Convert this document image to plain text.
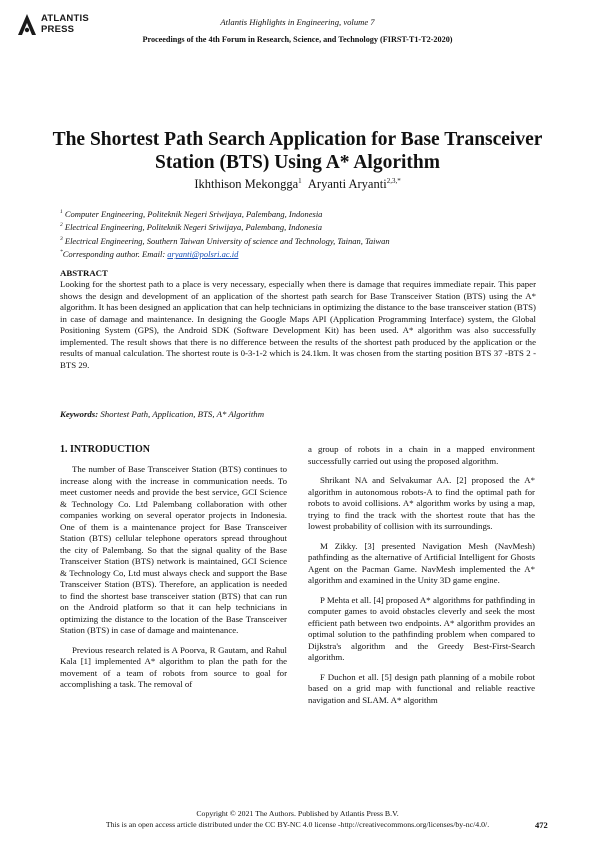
ATLANTIS
PRESS
Atlantis Highlights in Engineering, volume 7
Proceedings of the 4th Forum in Research, Science, and Technology (FIRST-T1-T2-2020)
The Shortest Path Search Application for Base Transceiver Station (BTS) Using A* Algorithm
Ikhthison Mekongga$^1$ Aryanti Aryanti$^{2,3,*}$
$^1$ Computer Engineering, Politeknik Negeri Sriwijaya, Palembang, Indonesia
$^2$ Electrical Engineering, Politeknik Negeri Sriwijaya, Palembang, Indonesia
$^3$ Electrical Engineering, Southern Taiwan University of science and Technology, Tainan, Taiwan
*Corresponding author. Email: aryanti@polsri.ac.id
ABSTRACT
Looking for the shortest path to a place is very necessary, especially when there is damage that requires immediate repair. This paper shows the design and development of an application of the shortest path search for Base Transceiver Station (BTS) using the A* algorithm. It has been designed an application that can help technicians in optimizing the distance to the base transceiver station (BTS) in case of damage and maintenance. In designing the Google Maps API (Application Programming Interface) system, the Global Positioning System (GPS), the Android SDK (Software Development Kit) has been used. A* algorithm was also successfully implemented. The result shows that there is no difference between the results of the shortest path produced by the application or the results of manual calculation. The shortest route is 0-3-1-2 which is 24.1km. It was chosen from the starting position BTS 37 -BTS 2 -BTS 29.
Keywords: Shortest Path, Application, BTS, A* Algorithm
1. INTRODUCTION

The number of Base Transceiver Station (BTS) continues to increase along with the increase in communication needs. To meet customer needs and provide the best service, GCI Science & Technology Co. Ltd Palembang collaboration with other companies working on several operator projects in Indonesia. One of them is a maintenance project for Base Transceiver Station (BTS) cellular telephone operators spread throughout the city of Palembang. So that the signal quality of the Base Transceiver Station (BTS) network is maintained, GCI Science & Technology Co, Ltd must always check and support the Base Transceiver Station (BTS). Therefore, an application is needed to find the shortest base transceiver station (BTS) that can run on the Android platform so that it can help technicians in optimizing the distance to the location of the Base Transceiver Station (BTS) in case of damage and maintenance.

Previous research related is A Poorva, R Gautam, and Rahul Kala [1] implemented A* algorithm to plan the path for the movement of a team of robots from source to goal for accomplishing a task. The removal of

a group of robots in a chain in a mapped environment successfully carried out using the proposed algorithm.

Shrikant NA and Selvakumar AA. [2] proposed the A* algorithm in autonomous robots-A to find the optimal path for robots to avoid collisions. A* algorithm works by using a map, trying to find the track with the shortest route that has the lowest probability of collision with its surroundings.

M Zikky. [3] presented Navigation Mesh (NavMesh) pathfinding as the alternative of Artificial Intelligent for Ghosts Agent on the Pacman Game. NavMesh implemented the A* algorithm and examined in the Unity 3D game engine.

P Mehta et all. [4] proposed A* algorithms for pathfinding in computer games to avoid obstacles cleverly and seek the most efficient path between two endpoints. A* algorithm provides an optimal solution to the pathfinding problem when compared to Dijkstra's algorithm and the Greedy Best-First-Search algorithm.

F Duchon et all. [5] design path planning of a mobile robot based on a grid map with functional and reliable reactive navigation and SLAM. A* algorithm

Copyright © 2021 The Authors. Published by Atlantis Press B.V.
This is an open access article distributed under the CC BY-NC 4.0 license -http://creativecommons.org/licenses/by-nc/4.0/.	472
